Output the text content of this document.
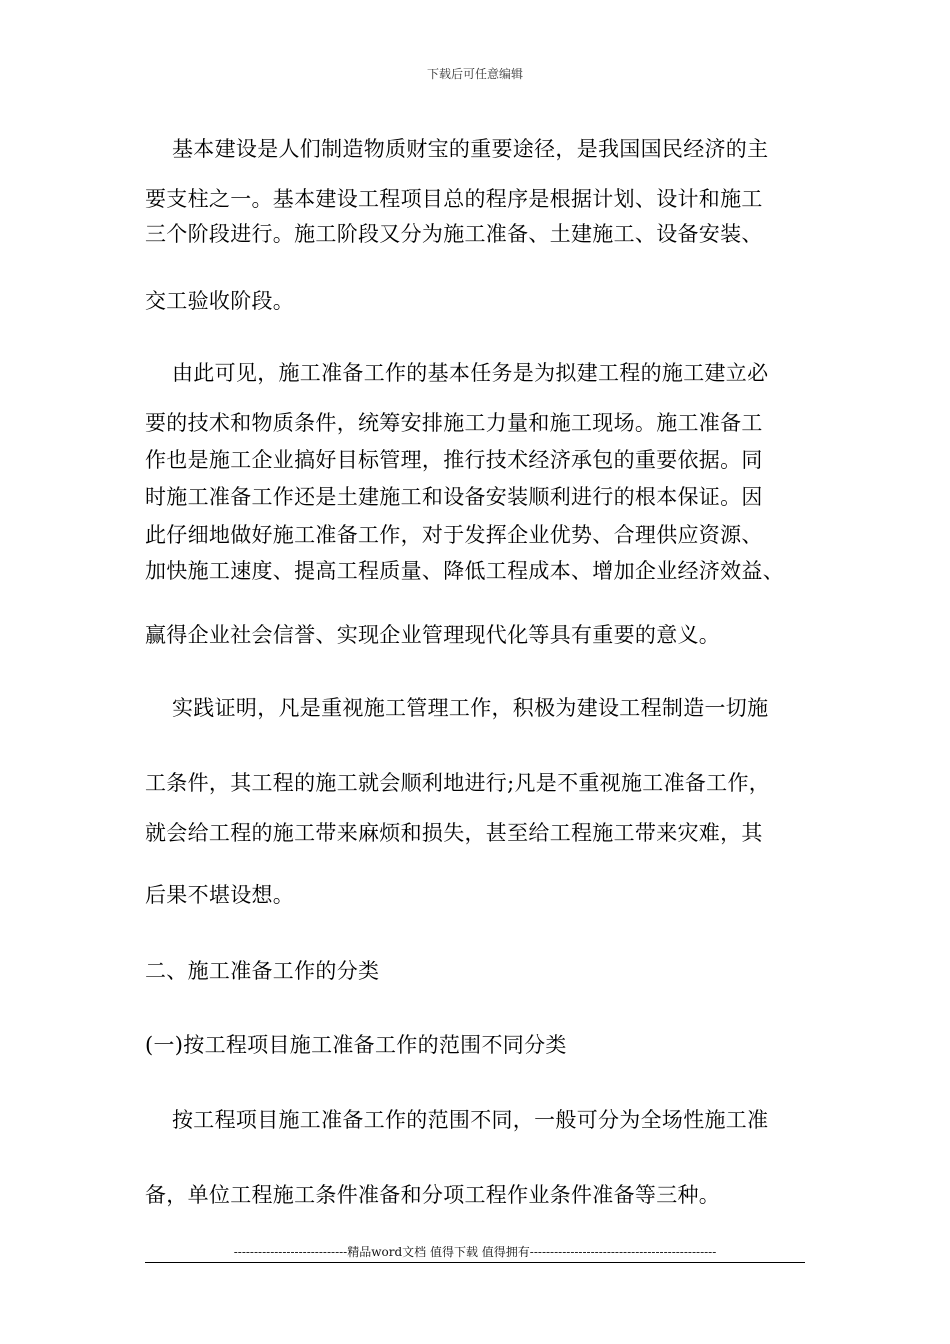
下载后可任意编辑
基本建设是人们制造物质财宝的重要途径，是我国国民经济的主
要支柱之一。基本建设工程项目总的程序是根据计划、设计和施工
三个阶段进行。施工阶段又分为施工准备、土建施工、设备安装、
交工验收阶段。
由此可见，施工准备工作的基本任务是为拟建工程的施工建立必
要的技术和物质条件，统筹安排施工力量和施工现场。施工准备工
作也是施工企业搞好目标管理，推行技术经济承包的重要依据。同
时施工准备工作还是土建施工和设备安装顺利进行的根本保证。因
此仔细地做好施工准备工作，对于发挥企业优势、合理供应资源、
加快施工速度、提高工程质量、降低工程成本、增加企业经济效益、
赢得企业社会信誉、实现企业管理现代化等具有重要的意义。
实践证明，凡是重视施工管理工作，积极为建设工程制造一切施
工条件，其工程的施工就会顺利地进行;凡是不重视施工准备工作，
就会给工程的施工带来麻烦和损失，甚至给工程施工带来灾难，其
后果不堪设想。
二、施工准备工作的分类
(一)按工程项目施工准备工作的范围不同分类
按工程项目施工准备工作的范围不同，一般可分为全场性施工准
备，单位工程施工条件准备和分项工程作业条件准备等三种。
----------------------------精品word文档 值得下载 值得拥有----------------------------------------------
